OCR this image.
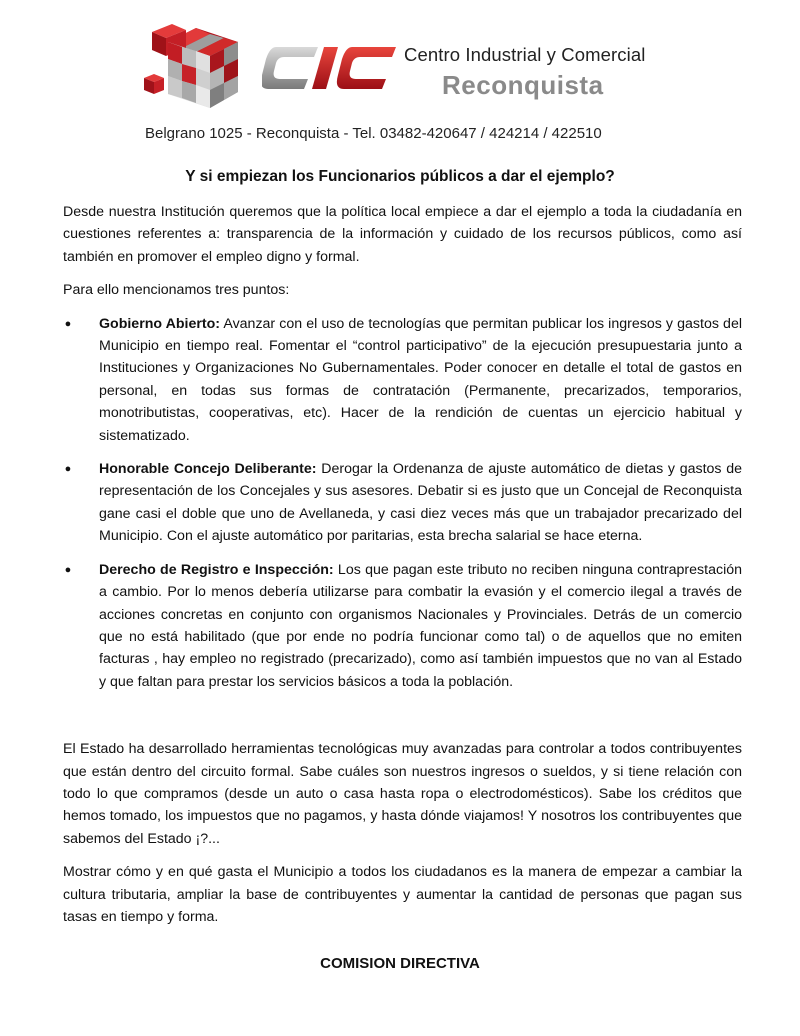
Centro Industrial y Comercial
Reconquista
Belgrano 1025 - Reconquista - Tel. 03482-420647 / 424214 / 422510
Y si empiezan los Funcionarios públicos a dar el ejemplo?

Desde nuestra Institución queremos que la política local empiece a dar el ejemplo a toda la ciudadanía en cuestiones referentes a: transparencia de la información y cuidado de los recursos públicos, como así también en promover el empleo digno y formal.

Para ello mencionamos tres puntos:

● Gobierno Abierto: Avanzar con el uso de tecnologías que permitan publicar los ingresos y gastos del Municipio en tiempo real. Fomentar el “control participativo” de la ejecución presupuestaria junto a Instituciones y Organizaciones No Gubernamentales. Poder conocer en detalle el total de gastos en personal, en todas sus formas de contratación (Permanente, precarizados, temporarios, monotributistas, cooperativas, etc). Hacer de la rendición de cuentas un ejercicio habitual y sistematizado.
● Honorable Concejo Deliberante: Derogar la Ordenanza de ajuste automático de dietas y gastos de representación de los Concejales y sus asesores. Debatir si es justo que un Concejal de Reconquista gane casi el doble que uno de Avellaneda, y casi diez veces más que un trabajador precarizado del Municipio. Con el ajuste automático por paritarias, esta brecha salarial se hace eterna.
● Derecho de Registro e Inspección: Los que pagan este tributo no reciben ninguna contraprestación a cambio. Por lo menos debería utilizarse para combatir la evasión y el comercio ilegal a través de acciones concretas en conjunto con organismos Nacionales y Provinciales. Detrás de un comercio que no está habilitado (que por ende no podría funcionar como tal) o de aquellos que no emiten facturas , hay empleo no registrado (precarizado), como así también impuestos que no van al Estado y que faltan para prestar los servicios básicos a toda la población.

El Estado ha desarrollado herramientas tecnológicas muy avanzadas para controlar a todos contribuyentes que están dentro del circuito formal. Sabe cuáles son nuestros ingresos o sueldos, y si tiene relación con todo lo que compramos (desde un auto o casa hasta ropa o electrodomésticos). Sabe los créditos que hemos tomado, los impuestos que no pagamos, y hasta dónde viajamos! Y nosotros los contribuyentes que sabemos del Estado ¡?...

Mostrar cómo y en qué gasta el Municipio a todos los ciudadanos es la manera de empezar a cambiar la cultura tributaria, ampliar la base de contribuyentes y aumentar la cantidad de personas que pagan sus tasas en tiempo y forma.

COMISION DIRECTIVA
